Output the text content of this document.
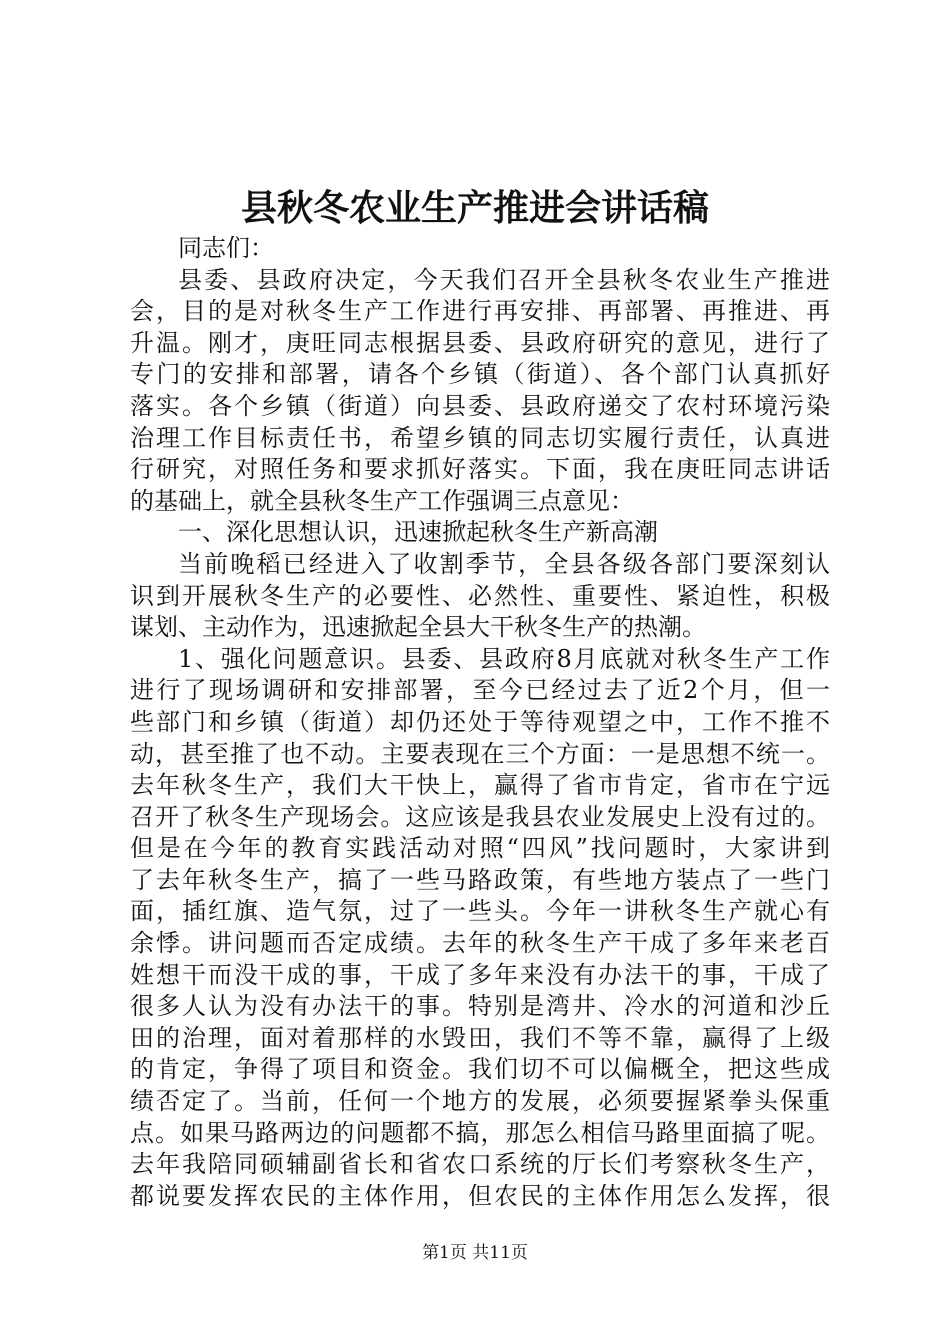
县秋冬农业生产推进会讲话稿
同志们：
县委、县政府决定，今天我们召开全县秋冬农业生产推进
会，目的是对秋冬生产工作进行再安排、再部署、再推进、再
升温。刚才，庚旺同志根据县委、县政府研究的意见，进行了
专门的安排和部署，请各个乡镇（街道）、各个部门认真抓好
落实。各个乡镇（街道）向县委、县政府递交了农村环境污染
治理工作目标责任书，希望乡镇的同志切实履行责任，认真进
行研究，对照任务和要求抓好落实。下面，我在庚旺同志讲话
的基础上，就全县秋冬生产工作强调三点意见：
一、深化思想认识，迅速掀起秋冬生产新高潮
当前晚稻已经进入了收割季节，全县各级各部门要深刻认
识到开展秋冬生产的必要性、必然性、重要性、紧迫性，积极
谋划、主动作为，迅速掀起全县大干秋冬生产的热潮。
1、强化问题意识。县委、县政府8月底就对秋冬生产工作
进行了现场调研和安排部署，至今已经过去了近2个月，但一
些部门和乡镇（街道）却仍还处于等待观望之中，工作不推不
动，甚至推了也不动。主要表现在三个方面：一是思想不统一。
去年秋冬生产，我们大干快上，赢得了省市肯定，省市在宁远
召开了秋冬生产现场会。这应该是我县农业发展史上没有过的。
但是在今年的教育实践活动对照“四风”找问题时，大家讲到
了去年秋冬生产，搞了一些马路政策，有些地方装点了一些门
面，插红旗、造气氛，过了一些头。今年一讲秋冬生产就心有
余悸。讲问题而否定成绩。去年的秋冬生产干成了多年来老百
姓想干而没干成的事，干成了多年来没有办法干的事，干成了
很多人认为没有办法干的事。特别是湾井、冷水的河道和沙丘
田的治理，面对着那样的水毁田，我们不等不靠，赢得了上级
的肯定，争得了项目和资金。我们切不可以偏概全，把这些成
绩否定了。当前，任何一个地方的发展，必须要握紧拳头保重
点。如果马路两边的问题都不搞，那怎么相信马路里面搞了呢。
去年我陪同硕辅副省长和省农口系统的厅长们考察秋冬生产，
都说要发挥农民的主体作用，但农民的主体作用怎么发挥，很
第1页 共11页
